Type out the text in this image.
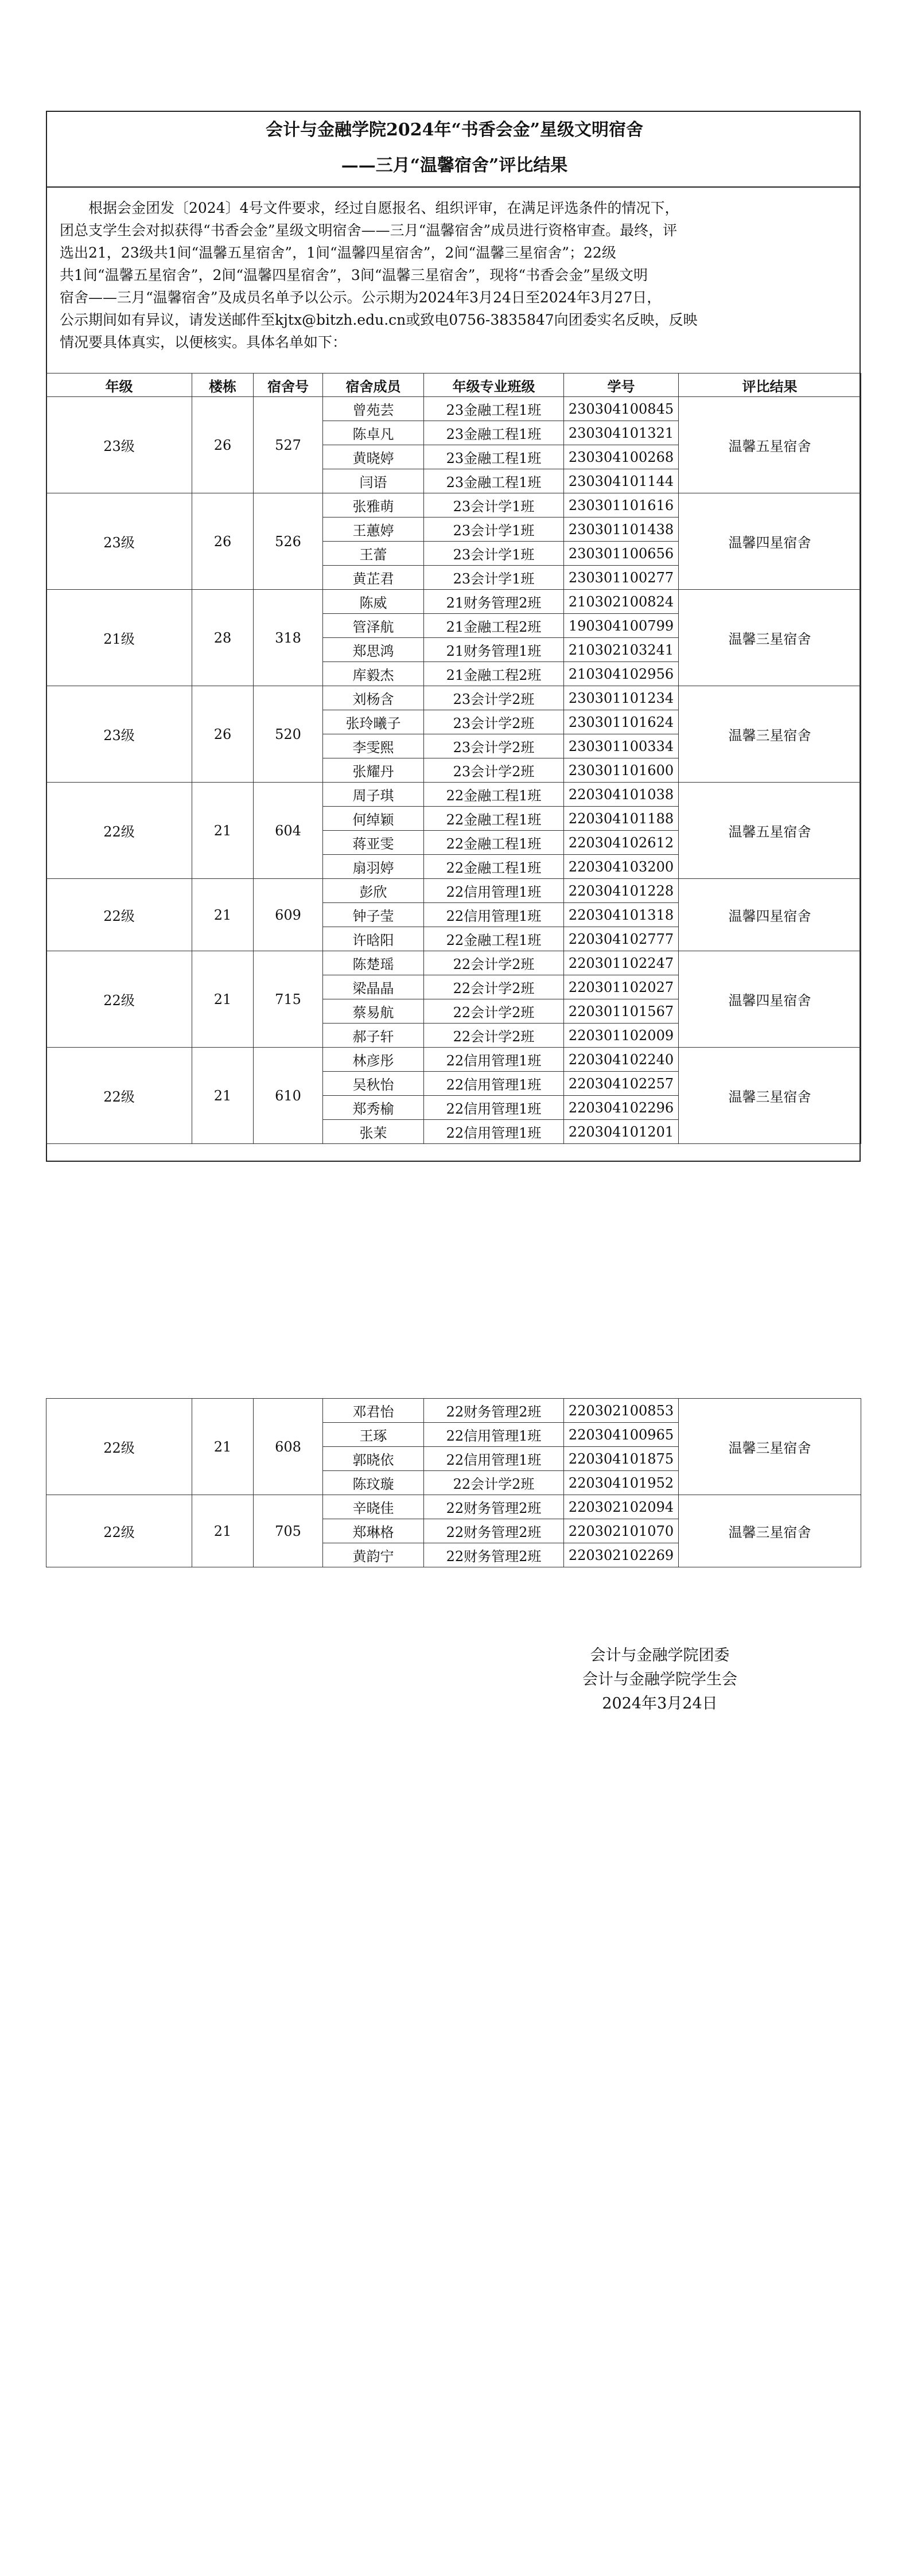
会计与金融学院2024年“书香会金”星级文明宿舍
——三月“温馨宿舍”评比结果

根据会金团发〔2024〕4号文件要求，经过自愿报名、组织评审，在满足评选条件的情况下，
团总支学生会对拟获得“书香会金”星级文明宿舍——三月“温馨宿舍”成员进行资格审查。最终，评
选出21，23级共1间“温馨五星宿舍”，1间“温馨四星宿舍”，2间“温馨三星宿舍”；22级
共1间“温馨五星宿舍”，2间“温馨四星宿舍”，3间“温馨三星宿舍”，现将“书香会金”星级文明
宿舍——三月“温馨宿舍”及成员名单予以公示。公示期为2024年3月24日至2024年3月27日，
公示期间如有异议，请发送邮件至kjtx@bitzh.edu.cn或致电0756-3835847向团委实名反映，反映
情况要具体真实，以便核实。具体名单如下：

年级	楼栋	宿舍号	宿舍成员	年级专业班级	学号	评比结果
23级	26	527	曾苑芸	23金融工程1班	230304100845	温馨五星宿舍
			陈卓凡	23金融工程1班	230304101321	
			黄晓婷	23金融工程1班	230304100268	
			闫语	23金融工程1班	230304101144	
23级	26	526	张雅萌	23会计学1班	230301101616	温馨四星宿舍
			王蕙婷	23会计学1班	230301101438	
			王蕾	23会计学1班	230301100656	
			黄芷君	23会计学1班	230301100277	
21级	28	318	陈威	21财务管理2班	210302100824	温馨三星宿舍
			管泽航	21金融工程2班	190304100799	
			郑思鸿	21财务管理1班	210302103241	
			库毅杰	21金融工程2班	210304102956	
23级	26	520	刘杨含	23会计学2班	230301101234	温馨三星宿舍
			张玲曦子	23会计学2班	230301101624	
			李雯熙	23会计学2班	230301100334	
			张耀丹	23会计学2班	230301101600	
22级	21	604	周子琪	22金融工程1班	220304101038	温馨五星宿舍
			何绰颖	22金融工程1班	220304101188	
			蒋亚雯	22金融工程1班	220304102612	
			扇羽婷	22金融工程1班	220304103200	
22级	21	609	彭欣	22信用管理1班	220304101228	温馨四星宿舍
			钟子莹	22信用管理1班	220304101318	
			许晗阳	22金融工程1班	220304102777	
22级	21	715	陈楚瑶	22会计学2班	220301102247	温馨四星宿舍
			梁晶晶	22会计学2班	220301102027	
			蔡易航	22会计学2班	220301101567	
			郝子轩	22会计学2班	220301102009	
22级	21	610	林彦彤	22信用管理1班	220304102240	温馨三星宿舍
			吴秋怡	22信用管理1班	220304102257	
			郑秀榆	22信用管理1班	220304102296	
			张茉	22信用管理1班	220304101201	
22级	21	608	邓君怡	22财务管理2班	220302100853	温馨三星宿舍
			王琢	22信用管理1班	220304100965	
			郭晓依	22信用管理1班	220304101875	
			陈玟璇	22会计学2班	220304101952	
22级	21	705	辛晓佳	22财务管理2班	220302102094	温馨三星宿舍
			郑琳格	22财务管理2班	220302101070	
			黄韵宁	22财务管理2班	220302102269	
会计与金融学院团委
会计与金融学院学生会
2024年3月24日
